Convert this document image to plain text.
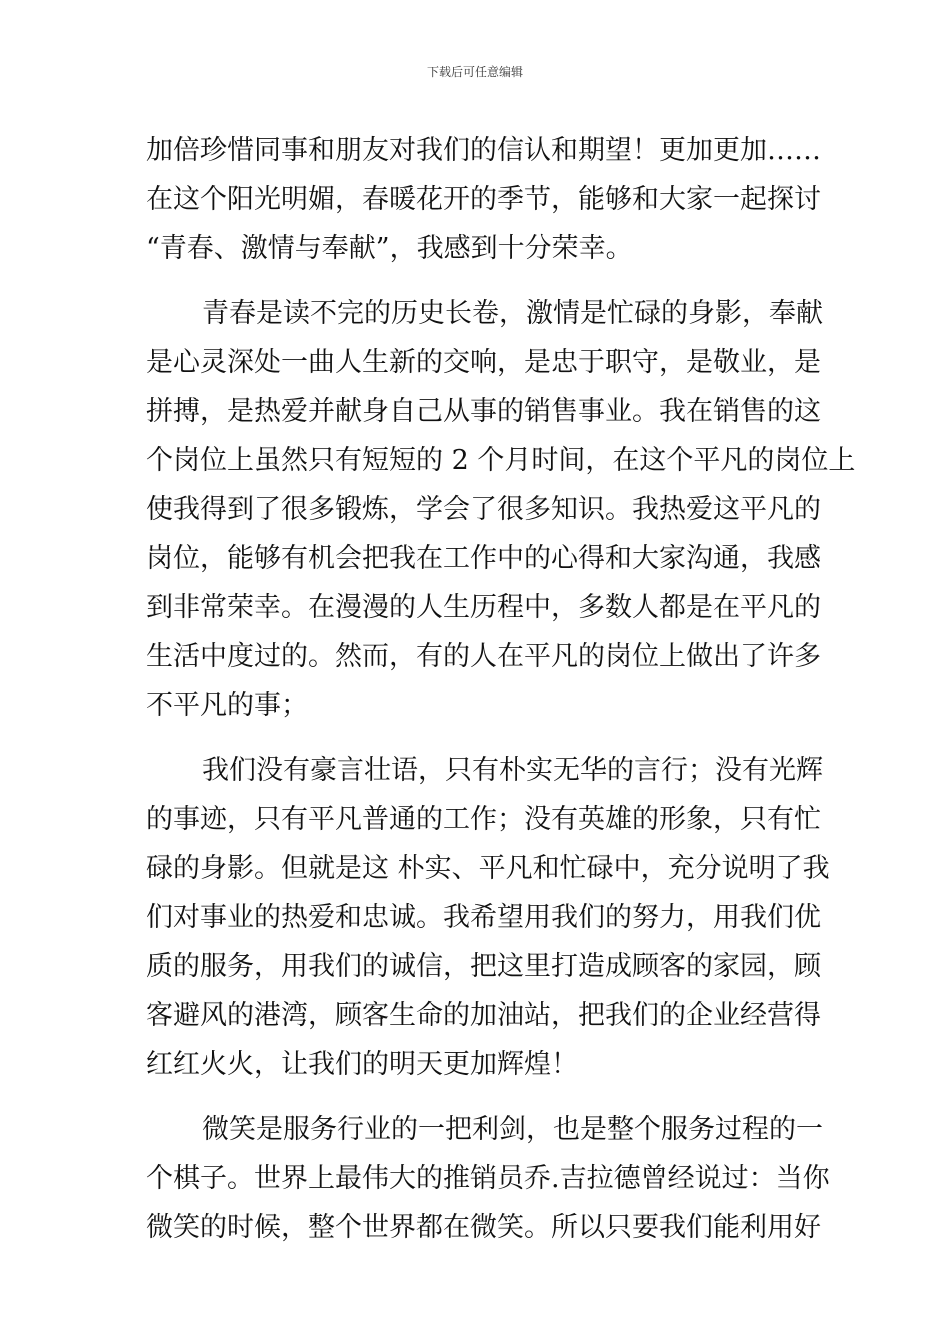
下载后可任意编辑
加倍珍惜同事和朋友对我们的信认和期望！更加更加……
在这个阳光明媚，春暖花开的季节，能够和大家一起探讨
“青春、激情与奉献”，我感到十分荣幸。
青春是读不完的历史长卷，激情是忙碌的身影，奉献
是心灵深处一曲人生新的交响，是忠于职守，是敬业，是
拼搏，是热爱并献身自己从事的销售事业。我在销售的这
个岗位上虽然只有短短的 2 个月时间，在这个平凡的岗位上
使我得到了很多锻炼，学会了很多知识。我热爱这平凡的
岗位，能够有机会把我在工作中的心得和大家沟通，我感
到非常荣幸。在漫漫的人生历程中，多数人都是在平凡的
生活中度过的。然而，有的人在平凡的岗位上做出了许多
不平凡的事；
我们没有豪言壮语，只有朴实无华的言行；没有光辉
的事迹，只有平凡普通的工作；没有英雄的形象，只有忙
碌的身影。但就是这 朴实、平凡和忙碌中，充分说明了我
们对事业的热爱和忠诚。我希望用我们的努力，用我们优
质的服务，用我们的诚信，把这里打造成顾客的家园，顾
客避风的港湾，顾客生命的加油站，把我们的企业经营得
红红火火，让我们的明天更加辉煌！
微笑是服务行业的一把利剑，也是整个服务过程的一
个棋子。世界上最伟大的推销员乔.吉拉德曾经说过：当你
微笑的时候，整个世界都在微笑。所以只要我们能利用好
